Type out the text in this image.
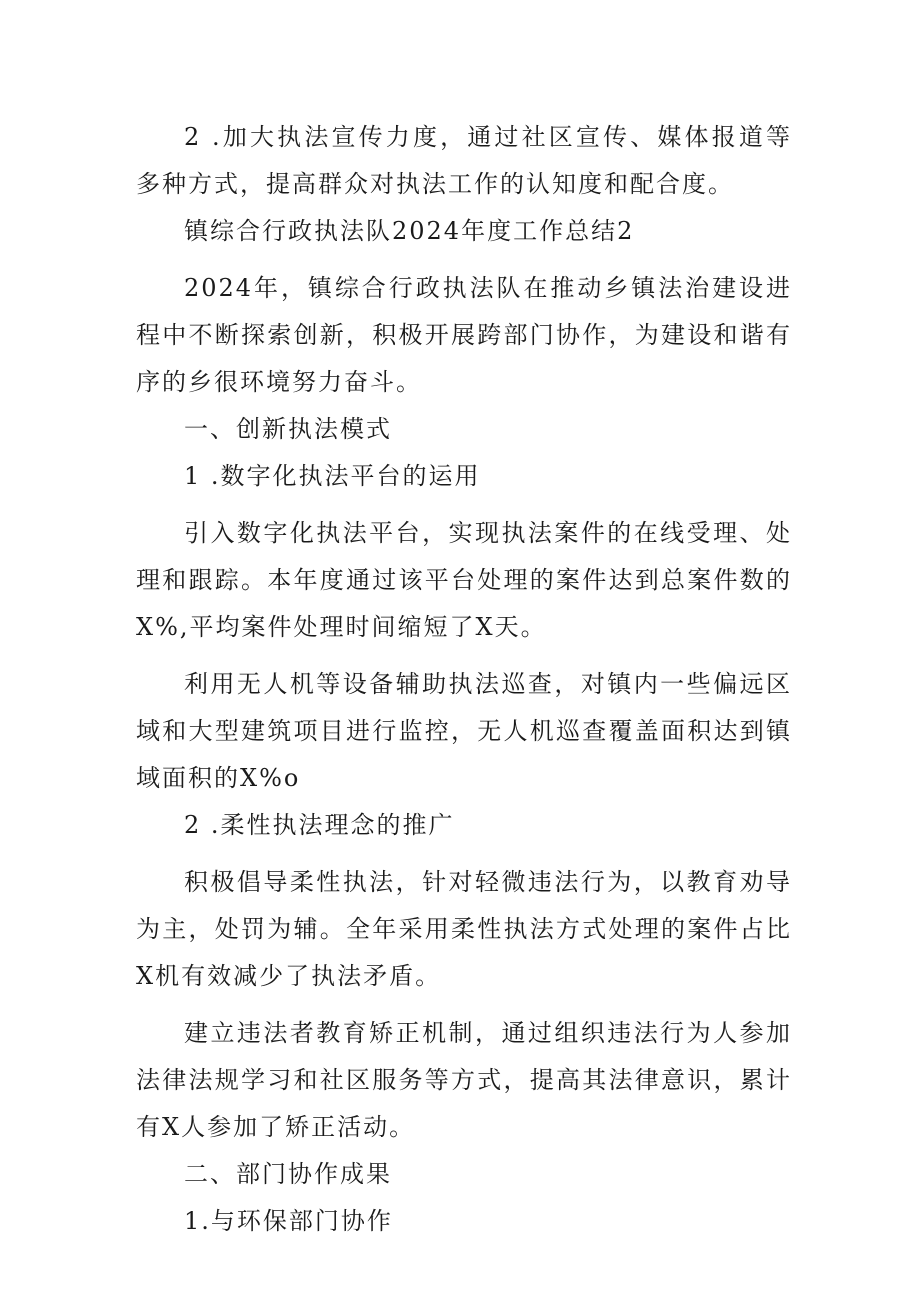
2 .加大执法宣传力度，通过社区宣传、媒体报道等多种方式，提高群众对执法工作的认知度和配合度。

镇综合行政执法队2024年度工作总结2

2024年，镇综合行政执法队在推动乡镇法治建设进程中不断探索创新，积极开展跨部门协作，为建设和谐有序的乡很环境努力奋斗。

一、创新执法模式

1 .数字化执法平台的运用

引入数字化执法平台，实现执法案件的在线受理、处理和跟踪。本年度通过该平台处理的案件达到总案件数的X%,平均案件处理时间缩短了X天。

利用无人机等设备辅助执法巡查，对镇内一些偏远区域和大型建筑项目进行监控，无人机巡查覆盖面积达到镇域面积的X%o

2 .柔性执法理念的推广

积极倡导柔性执法，针对轻微违法行为，以教育劝导为主，处罚为辅。全年采用柔性执法方式处理的案件占比X机有效减少了执法矛盾。

建立违法者教育矫正机制，通过组织违法行为人参加法律法规学习和社区服务等方式，提高其法律意识，累计有X人参加了矫正活动。

二、部门协作成果

1.与环保部门协作
